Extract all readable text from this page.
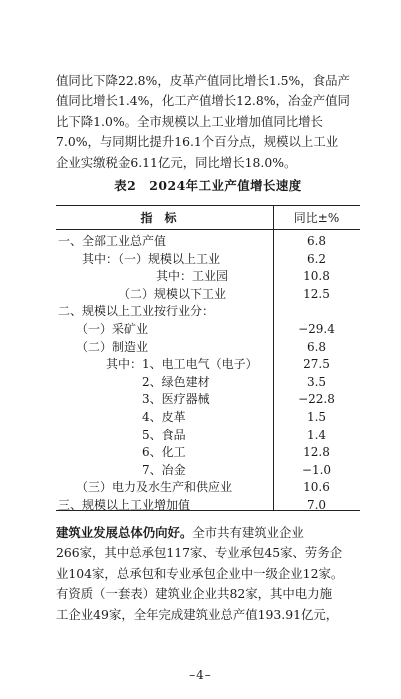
值同比下降22.8%，皮革产值同比增长1.5%，食品产
值同比增长1.4%，化工产值增长12.8%，冶金产值同
比下降1.0%。全市规模以上工业增加值同比增长
7.0%，与同期比提升16.1个百分点，规模以上工业
企业实缴税金6.11亿元，同比增长18.0%。
表2　2024年工业产值增长速度
指标	同比±%
一、全部工业总产值	6.8
其中：（一）规模以上工业	6.2
其中：工业园	10.8
（二）规模以下工业	12.5
二、规模以上工业按行业分：
（一）采矿业	−29.4
（二）制造业	6.8
其中：1、电工电气（电子）	27.5
2、绿色建材	3.5
3、医疗器械	−22.8
4、皮革	1.5
5、食品	1.4
6、化工	12.8
7、冶金	−1.0
（三）电力及水生产和供应业	10.6
三、规模以上工业增加值	7.0
建筑业发展总体仍向好。全市共有建筑业企业
266家，其中总承包117家、专业承包45家、劳务企
业104家，总承包和专业承包企业中一级企业12家。
有资质（一套表）建筑业企业共82家，其中电力施
工企业49家，全年完成建筑业总产值193.91亿元，
–4–
